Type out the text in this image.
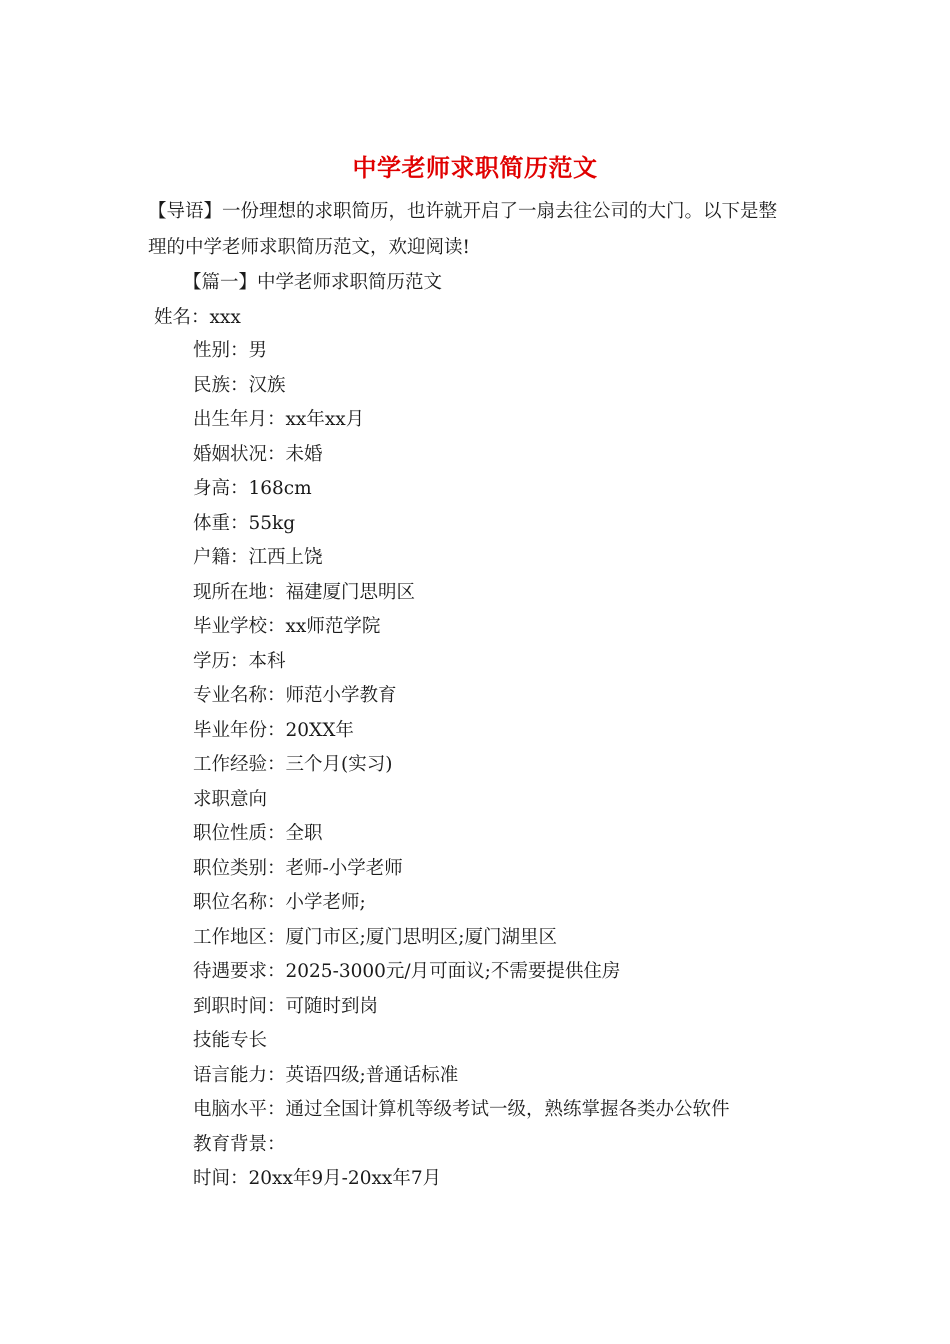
中学老师求职简历范文
【导语】一份理想的求职简历，也许就开启了一扇去往公司的大门。以下是整
理的中学老师求职简历范文，欢迎阅读!
【篇一】中学老师求职简历范文
姓名：xxx
性别：男
民族：汉族
出生年月：xx年xx月
婚姻状况：未婚
身高：168cm
体重：55kg
户籍：江西上饶
现所在地：福建厦门思明区
毕业学校：xx师范学院
学历：本科
专业名称：师范小学教育
毕业年份：20XX年
工作经验：三个月(实习)
求职意向
职位性质：全职
职位类别：老师-小学老师
职位名称：小学老师;
工作地区：厦门市区;厦门思明区;厦门湖里区
待遇要求：2025-3000元/月可面议;不需要提供住房
到职时间：可随时到岗
技能专长
语言能力：英语四级;普通话标准
电脑水平：通过全国计算机等级考试一级，熟练掌握各类办公软件
教育背景：
时间：20xx年9月-20xx年7月
